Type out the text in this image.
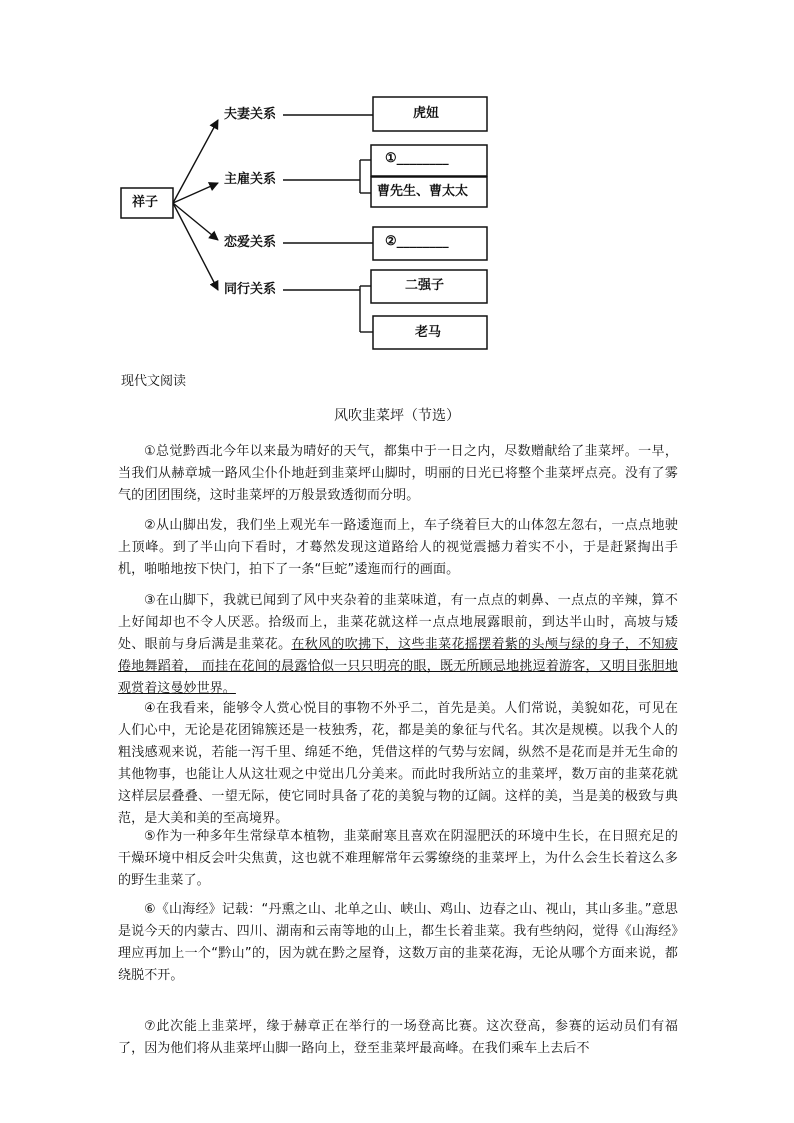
祥子
夫妻关系
主雇关系
恋爱关系
同行关系
虎妞
①________
曹先生、曹太太
②________
二强子
老马
现代文阅读
风吹韭菜坪（节选）
①总觉黔西北今年以来最为晴好的天气，都集中于一日之内，尽数赠献给了韭菜坪。一早，当我们从赫章城一路风尘仆仆地赶到韭菜坪山脚时，明丽的日光已将整个韭菜坪点亮。没有了雾气的团团围绕，这时韭菜坪的万般景致透彻而分明。
②从山脚出发，我们坐上观光车一路逶迤而上，车子绕着巨大的山体忽左忽右，一点点地驶上顶峰。到了半山向下看时，才蓦然发现这道路给人的视觉震撼力着实不小，于是赶紧掏出手机，啪啪地按下快门，拍下了一条“巨蛇”逶迤而行的画面。
③在山脚下，我就已闻到了风中夹杂着的韭菜味道，有一点点的刺鼻、一点点的辛辣，算不上好闻却也不令人厌恶。拾级而上，韭菜花就这样一点点地展露眼前，到达半山时，高坡与矮处、眼前与身后满是韭菜花。在秋风的吹拂下，这些韭菜花摇摆着紫的头颅与绿的身子，不知疲倦地舞蹈着， 而挂在花间的晨露恰似一只只明亮的眼，既无所顾忌地挑逗着游客，又明目张胆地观赏着这曼妙世界。
④在我看来，能够令人赏心悦目的事物不外乎二，首先是美。人们常说，美貌如花，可见在人们心中，无论是花团锦簇还是一枝独秀，花，都是美的象征与代名。其次是规模。以我个人的粗浅感观来说，若能一泻千里、绵延不绝，凭借这样的气势与宏阔，纵然不是花而是并无生命的其他物事，也能让人从这壮观之中觉出几分美来。而此时我所站立的韭菜坪，数万亩的韭菜花就这样层层叠叠、一望无际，使它同时具备了花的美貌与物的辽阔。这样的美，当是美的极致与典范，是大美和美的至高境界。
⑤作为一种多年生常绿草本植物，韭菜耐寒且喜欢在阴湿肥沃的环境中生长，在日照充足的干燥环境中相反会叶尖焦黄，这也就不难理解常年云雾缭绕的韭菜坪上，为什么会生长着这么多的野生韭菜了。
⑥《山海经》记载：“丹熏之山、北单之山、峡山、鸡山、边春之山、视山，其山多韭。”意思是说今天的内蒙古、四川、湖南和云南等地的山上，都生长着韭菜。我有些纳闷，觉得《山海经》理应再加上一个“黔山”的，因为就在黔之屋脊，这数万亩的韭菜花海，无论从哪个方面来说，都绕脱不开。
⑦此次能上韭菜坪，缘于赫章正在举行的一场登高比赛。这次登高，参赛的运动员们有福了，因为他们将从韭菜坪山脚一路向上，登至韭菜坪最高峰。在我们乘车上去后不
